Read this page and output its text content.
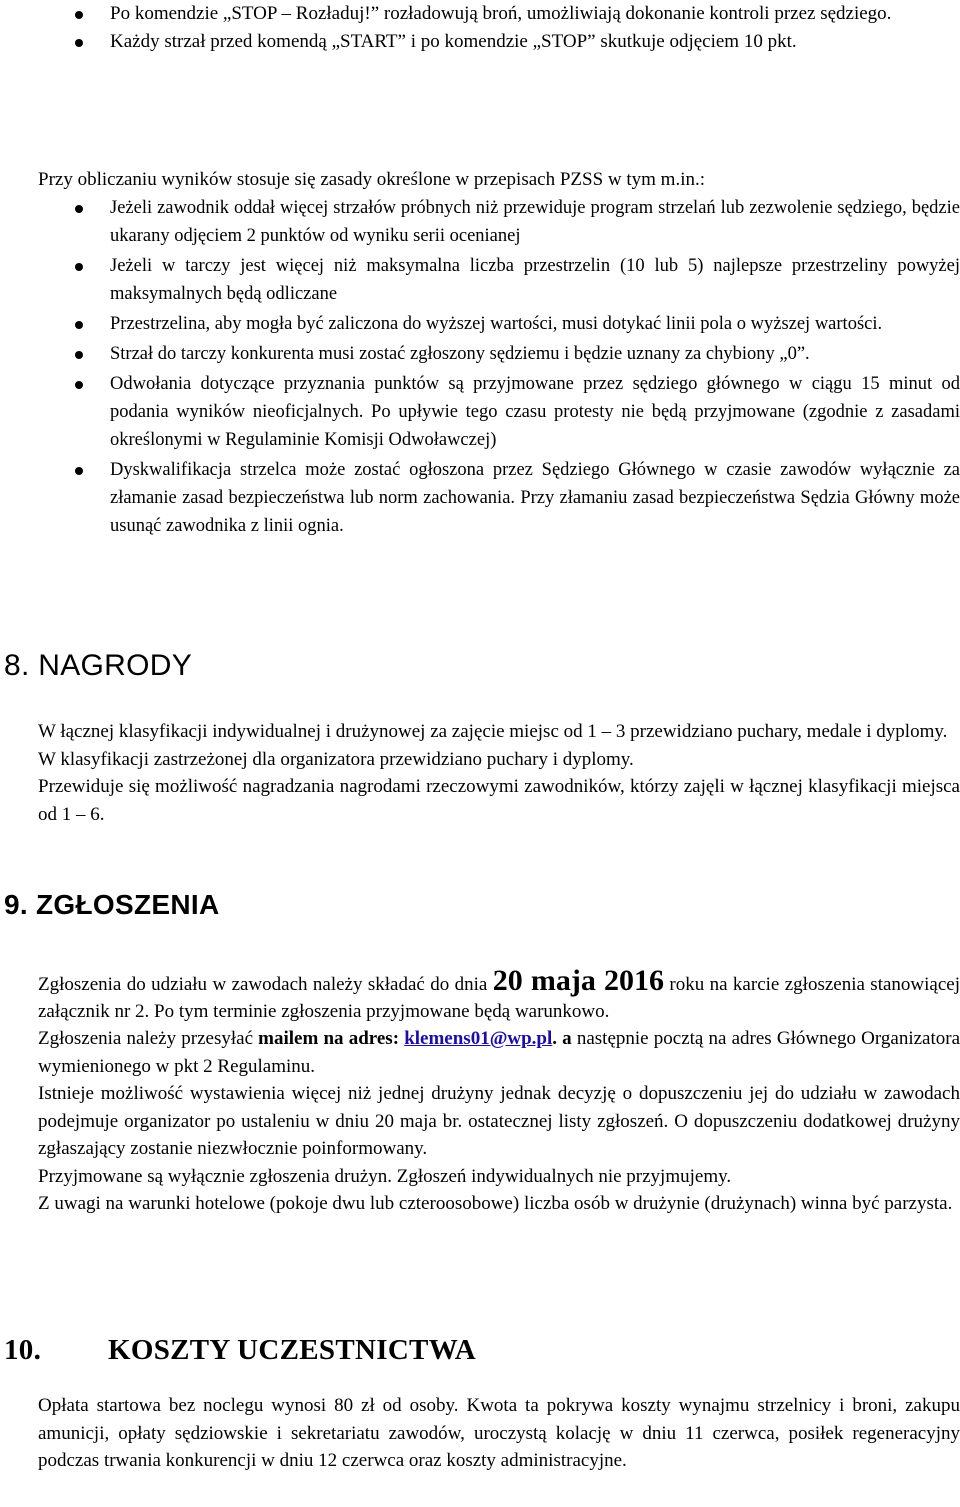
Po komendzie „STOP – Rozładuj!” rozładowują broń, umożliwiają dokonanie kontroli przez sędziego.
Każdy strzał przed komendą „START” i po komendzie „STOP” skutkuje odjęciem 10 pkt.

Przy obliczaniu wyników stosuje się zasady określone w przepisach PZSS w tym m.in.:

Jeżeli zawodnik oddał więcej strzałów próbnych niż przewiduje program strzelań lub zezwolenie sędziego, będzie ukarany odjęciem 2 punktów od wyniku serii ocenianej
Jeżeli w tarczy jest więcej niż maksymalna liczba przestrzelin (10 lub 5) najlepsze przestrzeliny powyżej maksymalnych będą odliczane
Przestrzelina, aby mogła być zaliczona do wyższej wartości, musi dotykać linii pola o wyższej wartości.
Strzał do tarczy konkurenta musi zostać zgłoszony sędziemu i będzie uznany za chybiony „0”.
Odwołania dotyczące przyznania punktów są przyjmowane przez sędziego głównego w ciągu 15 minut od podania wyników nieoficjalnych. Po upływie tego czasu protesty nie będą przyjmowane (zgodnie z zasadami określonymi w Regulaminie Komisji Odwoławczej)
Dyskwalifikacja strzelca może zostać ogłoszona przez Sędziego Głównego w czasie zawodów wyłącznie za złamanie zasad bezpieczeństwa lub norm zachowania. Przy złamaniu zasad bezpieczeństwa Sędzia Główny może usunąć zawodnika z linii ognia.
8. NAGRODY

W łącznej klasyfikacji indywidualnej i drużynowej za zajęcie miejsc od 1 – 3 przewidziano puchary, medale i dyplomy.

W klasyfikacji zastrzeżonej dla organizatora przewidziano puchary i dyplomy.

Przewiduje się możliwość nagradzania nagrodami rzeczowymi zawodników, którzy zajęli w łącznej klasyfikacji miejsca od 1 – 6.

9. ZGŁOSZENIA

Zgłoszenia do udziału w zawodach należy składać do dnia 20 maja 2016 roku na karcie zgłoszenia stanowiącej załącznik nr 2. Po tym terminie zgłoszenia przyjmowane będą warunkowo.

Zgłoszenia należy przesyłać mailem na adres: klemens01@wp.pl. a następnie pocztą na adres Głównego Organizatora wymienionego w pkt 2 Regulaminu.

Istnieje możliwość wystawienia więcej niż jednej drużyny jednak decyzję o dopuszczeniu jej do udziału w zawodach podejmuje organizator po ustaleniu w dniu 20 maja br. ostatecznej listy zgłoszeń. O dopuszczeniu dodatkowej drużyny zgłaszający zostanie niezwłocznie poinformowany.

Przyjmowane są wyłącznie zgłoszenia drużyn. Zgłoszeń indywidualnych nie przyjmujemy.

Z uwagi na warunki hotelowe (pokoje dwu lub czteroosobowe) liczba osób w drużynie (drużynach) winna być parzysta.

10. KOSZTY UCZESTNICTWA

Opłata startowa bez noclegu wynosi 80 zł od osoby. Kwota ta pokrywa koszty wynajmu strzelnicy i broni, zakupu amunicji, opłaty sędziowskie i sekretariatu zawodów, uroczystą kolację w dniu 11 czerwca, posiłek regeneracyjny podczas trwania konkurencji w dniu 12 czerwca oraz koszty administracyjne.
